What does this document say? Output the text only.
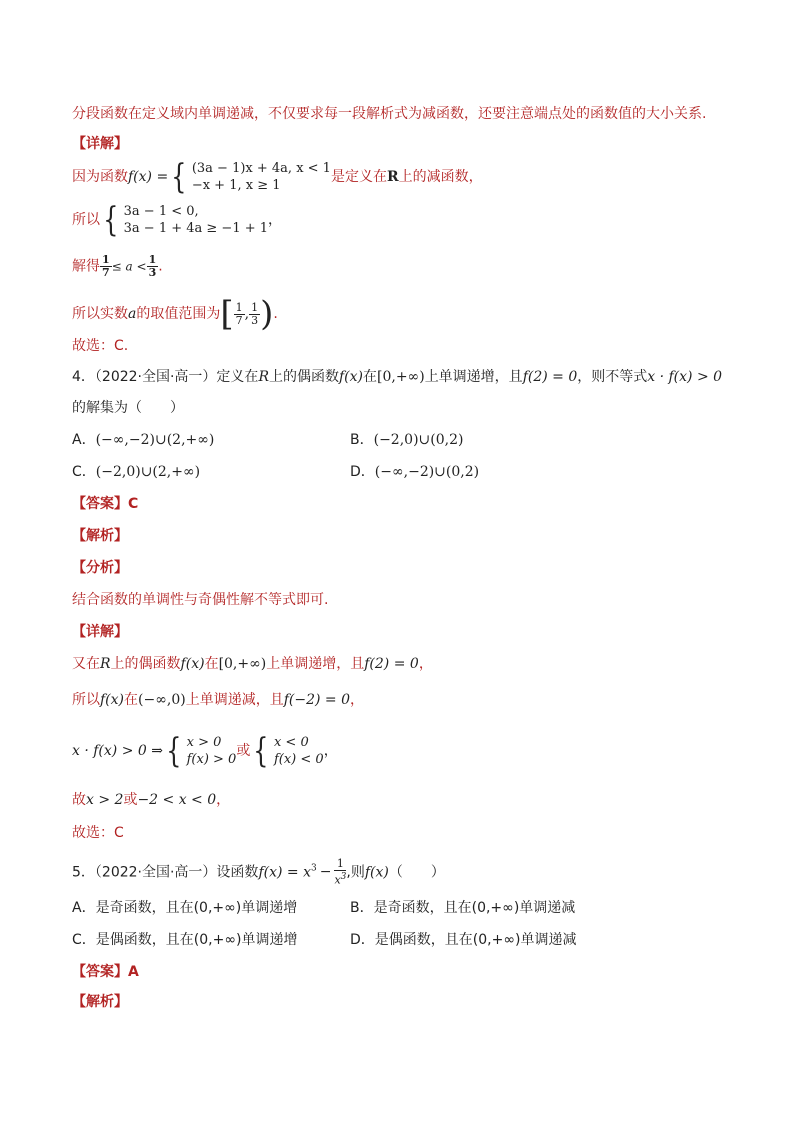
分段函数在定义域内单调递减，不仅要求每一段解析式为减函数，还要注意端点处的函数值的大小关系.
【详解】
因为函数f(x) ={ (3a − 1)x + 4a, x < 1
−x + 1, x ≥ 1
是定义在R上的减函数，
所以{ 3a − 1 < 0,
3a − 1 + 4a ≥ −1 + 1
，
解得 $\frac{1}{7} \le a < \frac{1}{3}$ .
所以实数a的取值范围为[ $\frac{1}{7}$ , $\frac{1}{3}$ ).
故选：C.
4．（2022·全国·高一）定义在R上的偶函数f(x)在[0,+∞)上单调递增，且f(2) = 0，则不等式x · f(x) > 0
的解集为（　　）
A．(−∞,−2)∪(2,+∞)	B．(−2,0)∪(0,2)
C．(−2,0)∪(2,+∞)	D．(−∞,−2)∪(0,2)
【答案】C
【解析】
【分析】
结合函数的单调性与奇偶性解不等式即可.
【详解】
又在R上的偶函数f(x)在[0,+∞)上单调递增，且f(2) = 0，
所以f(x)在(−∞,0)上单调递减，且f(−2) = 0，
x · f(x) > 0 ⇒{ x > 0
f(x) > 0
或{ x < 0
f(x) < 0
，
故x > 2或−2 < x < 0，
故选：C
5．（2022·全国·高一）设函数$f(x) = x^3 - \frac{1}{x^3}$ ,则f(x)（　　）
A．是奇函数，且在(0,+∞)单调递增	B．是奇函数，且在(0,+∞)单调递减
C．是偶函数，且在(0,+∞)单调递增	D．是偶函数，且在(0,+∞)单调递减
【答案】A
【解析】
